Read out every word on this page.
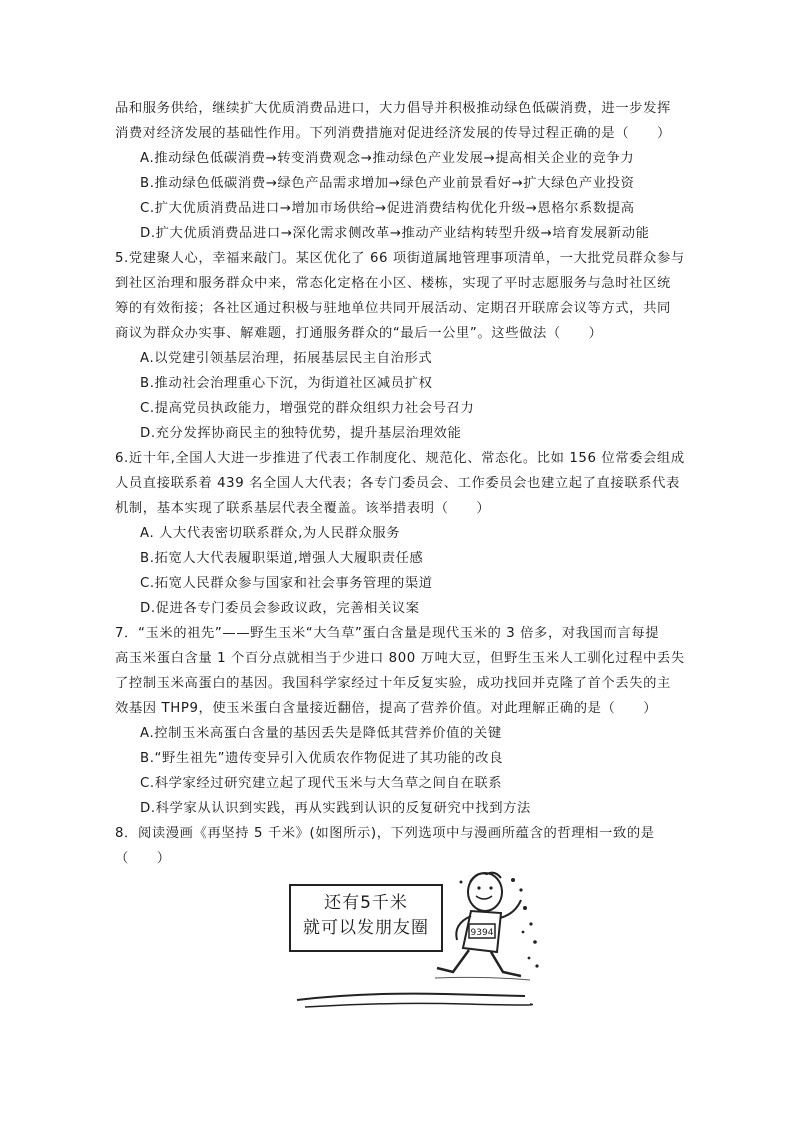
品和服务供给，继续扩大优质消费品进口，大力倡导并积极推动绿色低碳消费，进一步发挥
消费对经济发展的基础性作用。下列消费措施对促进经济发展的传导过程正确的是（　　）
A.推动绿色低碳消费→转变消费观念→推动绿色产业发展→提高相关企业的竞争力
B.推动绿色低碳消费→绿色产品需求增加→绿色产业前景看好→扩大绿色产业投资
C.扩大优质消费品进口→增加市场供给→促进消费结构优化升级→恩格尔系数提高
D.扩大优质消费品进口→深化需求侧改革→推动产业结构转型升级→培育发展新动能
5.党建聚人心，幸福来敲门。某区优化了 66 项街道属地管理事项清单，一大批党员群众参与
到社区治理和服务群众中来，常态化定格在小区、楼栋，实现了平时志愿服务与急时社区统
筹的有效衔接；各社区通过积极与驻地单位共同开展活动、定期召开联席会议等方式，共同
商议为群众办实事、解难题，打通服务群众的“最后一公里”。这些做法（　　）
A.以党建引领基层治理，拓展基层民主自治形式
B.推动社会治理重心下沉，为街道社区减员扩权
C.提高党员执政能力，增强党的群众组织力社会号召力
D.充分发挥协商民主的独特优势，提升基层治理效能
6.近十年,全国人大进一步推进了代表工作制度化、规范化、常态化。比如 156 位常委会组成
人员直接联系着 439 名全国人大代表；各专门委员会、工作委员会也建立起了直接联系代表
机制，基本实现了联系基层代表全覆盖。该举措表明（　　）
A. 人大代表密切联系群众,为人民群众服务
B.拓宽人大代表履职渠道,增强人大履职责任感
C.拓宽人民群众参与国家和社会事务管理的渠道
D.促进各专门委员会参政议政，完善相关议案
7．“玉米的祖先”——野生玉米“大刍草”蛋白含量是现代玉米的 3 倍多，对我国而言每提
高玉米蛋白含量 1 个百分点就相当于少进口 800 万吨大豆，但野生玉米人工驯化过程中丢失
了控制玉米高蛋白的基因。我国科学家经过十年反复实验，成功找回并克隆了首个丢失的主
效基因 THP9，使玉米蛋白含量接近翻倍，提高了营养价值。对此理解正确的是（　　）
A.控制玉米高蛋白含量的基因丢失是降低其营养价值的关键
B.“野生祖先”遗传变异引入优质农作物促进了其功能的改良
C.科学家经过研究建立起了现代玉米与大刍草之间自在联系
D.科学家从认识到实践，再从实践到认识的反复研究中找到方法
8．阅读漫画《再坚持 5 千米》(如图所示)，下列选项中与漫画所蕴含的哲理相一致的是
（　　）
还有5千米
就可以发朋友圈	9394
